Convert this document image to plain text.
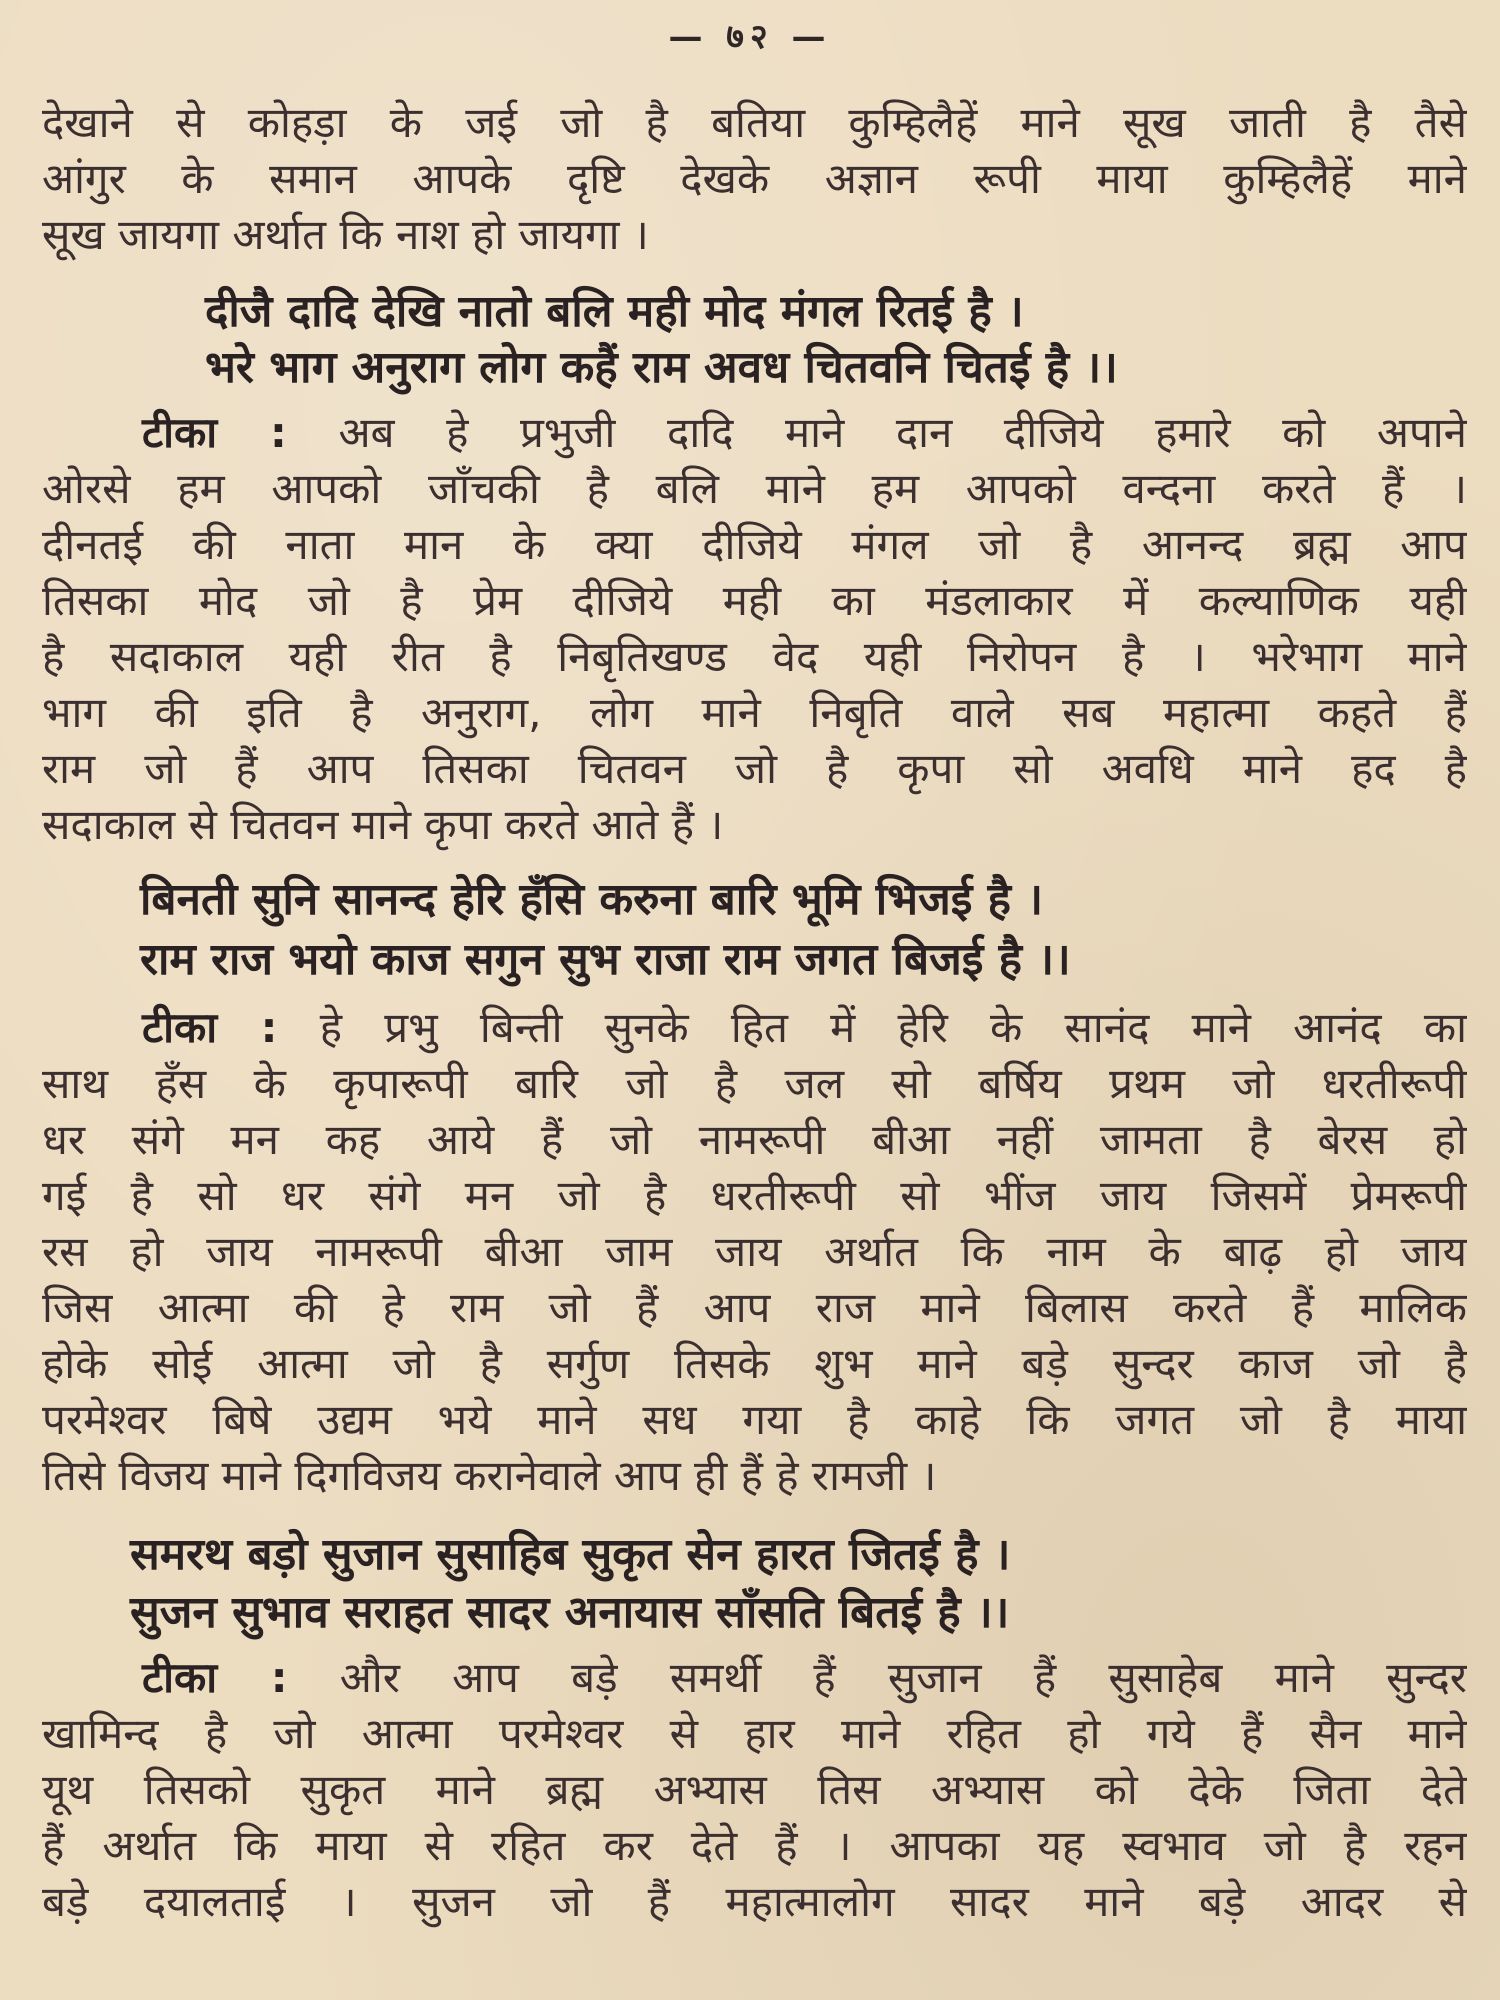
— ७२ —
देखाने से कोहड़ा के जई जो है बतिया कुम्हिलैहें माने सूख जाती है तैसे
आंगुर के समान आपके दृष्टि देखके अज्ञान रूपी माया कुम्हिलैहें माने
सूख जायगा अर्थात कि नाश हो जायगा ।
दीजै दादि देखि नातो बलि मही मोद मंगल रितई है ।
भरे भाग अनुराग लोग कहैं राम अवध चितवनि चितई है ।।
टीका : अब हे प्रभुजी दादि माने दान दीजिये हमारे को अपाने
ओरसे हम आपको जाँचकी है बलि माने हम आपको वन्दना करते हैं ।
दीनतई की नाता मान के क्या दीजिये मंगल जो है आनन्द ब्रह्म आप
तिसका मोद जो है प्रेम दीजिये मही का मंडलाकार में कल्याणिक यही
है सदाकाल यही रीत है निबृतिखण्ड वेद यही निरोपन है । भरेभाग माने
भाग की इति है अनुराग, लोग माने निबृति वाले सब महात्मा कहते हैं
राम जो हैं आप तिसका चितवन जो है कृपा सो अवधि माने हद है
सदाकाल से चितवन माने कृपा करते आते हैं ।
बिनती सुनि सानन्द हेरि हँसि करुना बारि भूमि भिजई है ।
राम राज भयो काज सगुन सुभ राजा राम जगत बिजई है ।।
टीका : हे प्रभु बिन्ती सुनके हित में हेरि के सानंद माने आनंद का
साथ हँस के कृपारूपी बारि जो है जल सो बर्षिय प्रथम जो धरतीरूपी
धर संगे मन कह आये हैं जो नामरूपी बीआ नहीं जामता है बेरस हो
गई है सो धर संगे मन जो है धरतीरूपी सो भींज जाय जिसमें प्रेमरूपी
रस हो जाय नामरूपी बीआ जाम जाय अर्थात कि नाम के बाढ़ हो जाय
जिस आत्मा की हे राम जो हैं आप राज माने बिलास करते हैं मालिक
होके सोई आत्मा जो है सर्गुण तिसके शुभ माने बड़े सुन्दर काज जो है
परमेश्वर बिषे उद्यम भये माने सध गया है काहे कि जगत जो है माया
तिसे विजय माने दिगविजय करानेवाले आप ही हैं हे रामजी ।
समरथ बड़ो सुजान सुसाहिब सुकृत सेन हारत जितई है ।
सुजन सुभाव सराहत सादर अनायास साँसति बितई है ।।
टीका : और आप बड़े समर्थी हैं सुजान हैं सुसाहेब माने सुन्दर
खामिन्द है जो आत्मा परमेश्वर से हार माने रहित हो गये हैं सैन माने
यूथ तिसको सुकृत माने ब्रह्म अभ्यास तिस अभ्यास को देके जिता देते
हैं अर्थात कि माया से रहित कर देते हैं । आपका यह स्वभाव जो है रहन
बड़े दयालताई । सुजन जो हैं महात्मालोग सादर माने बड़े आदर से
